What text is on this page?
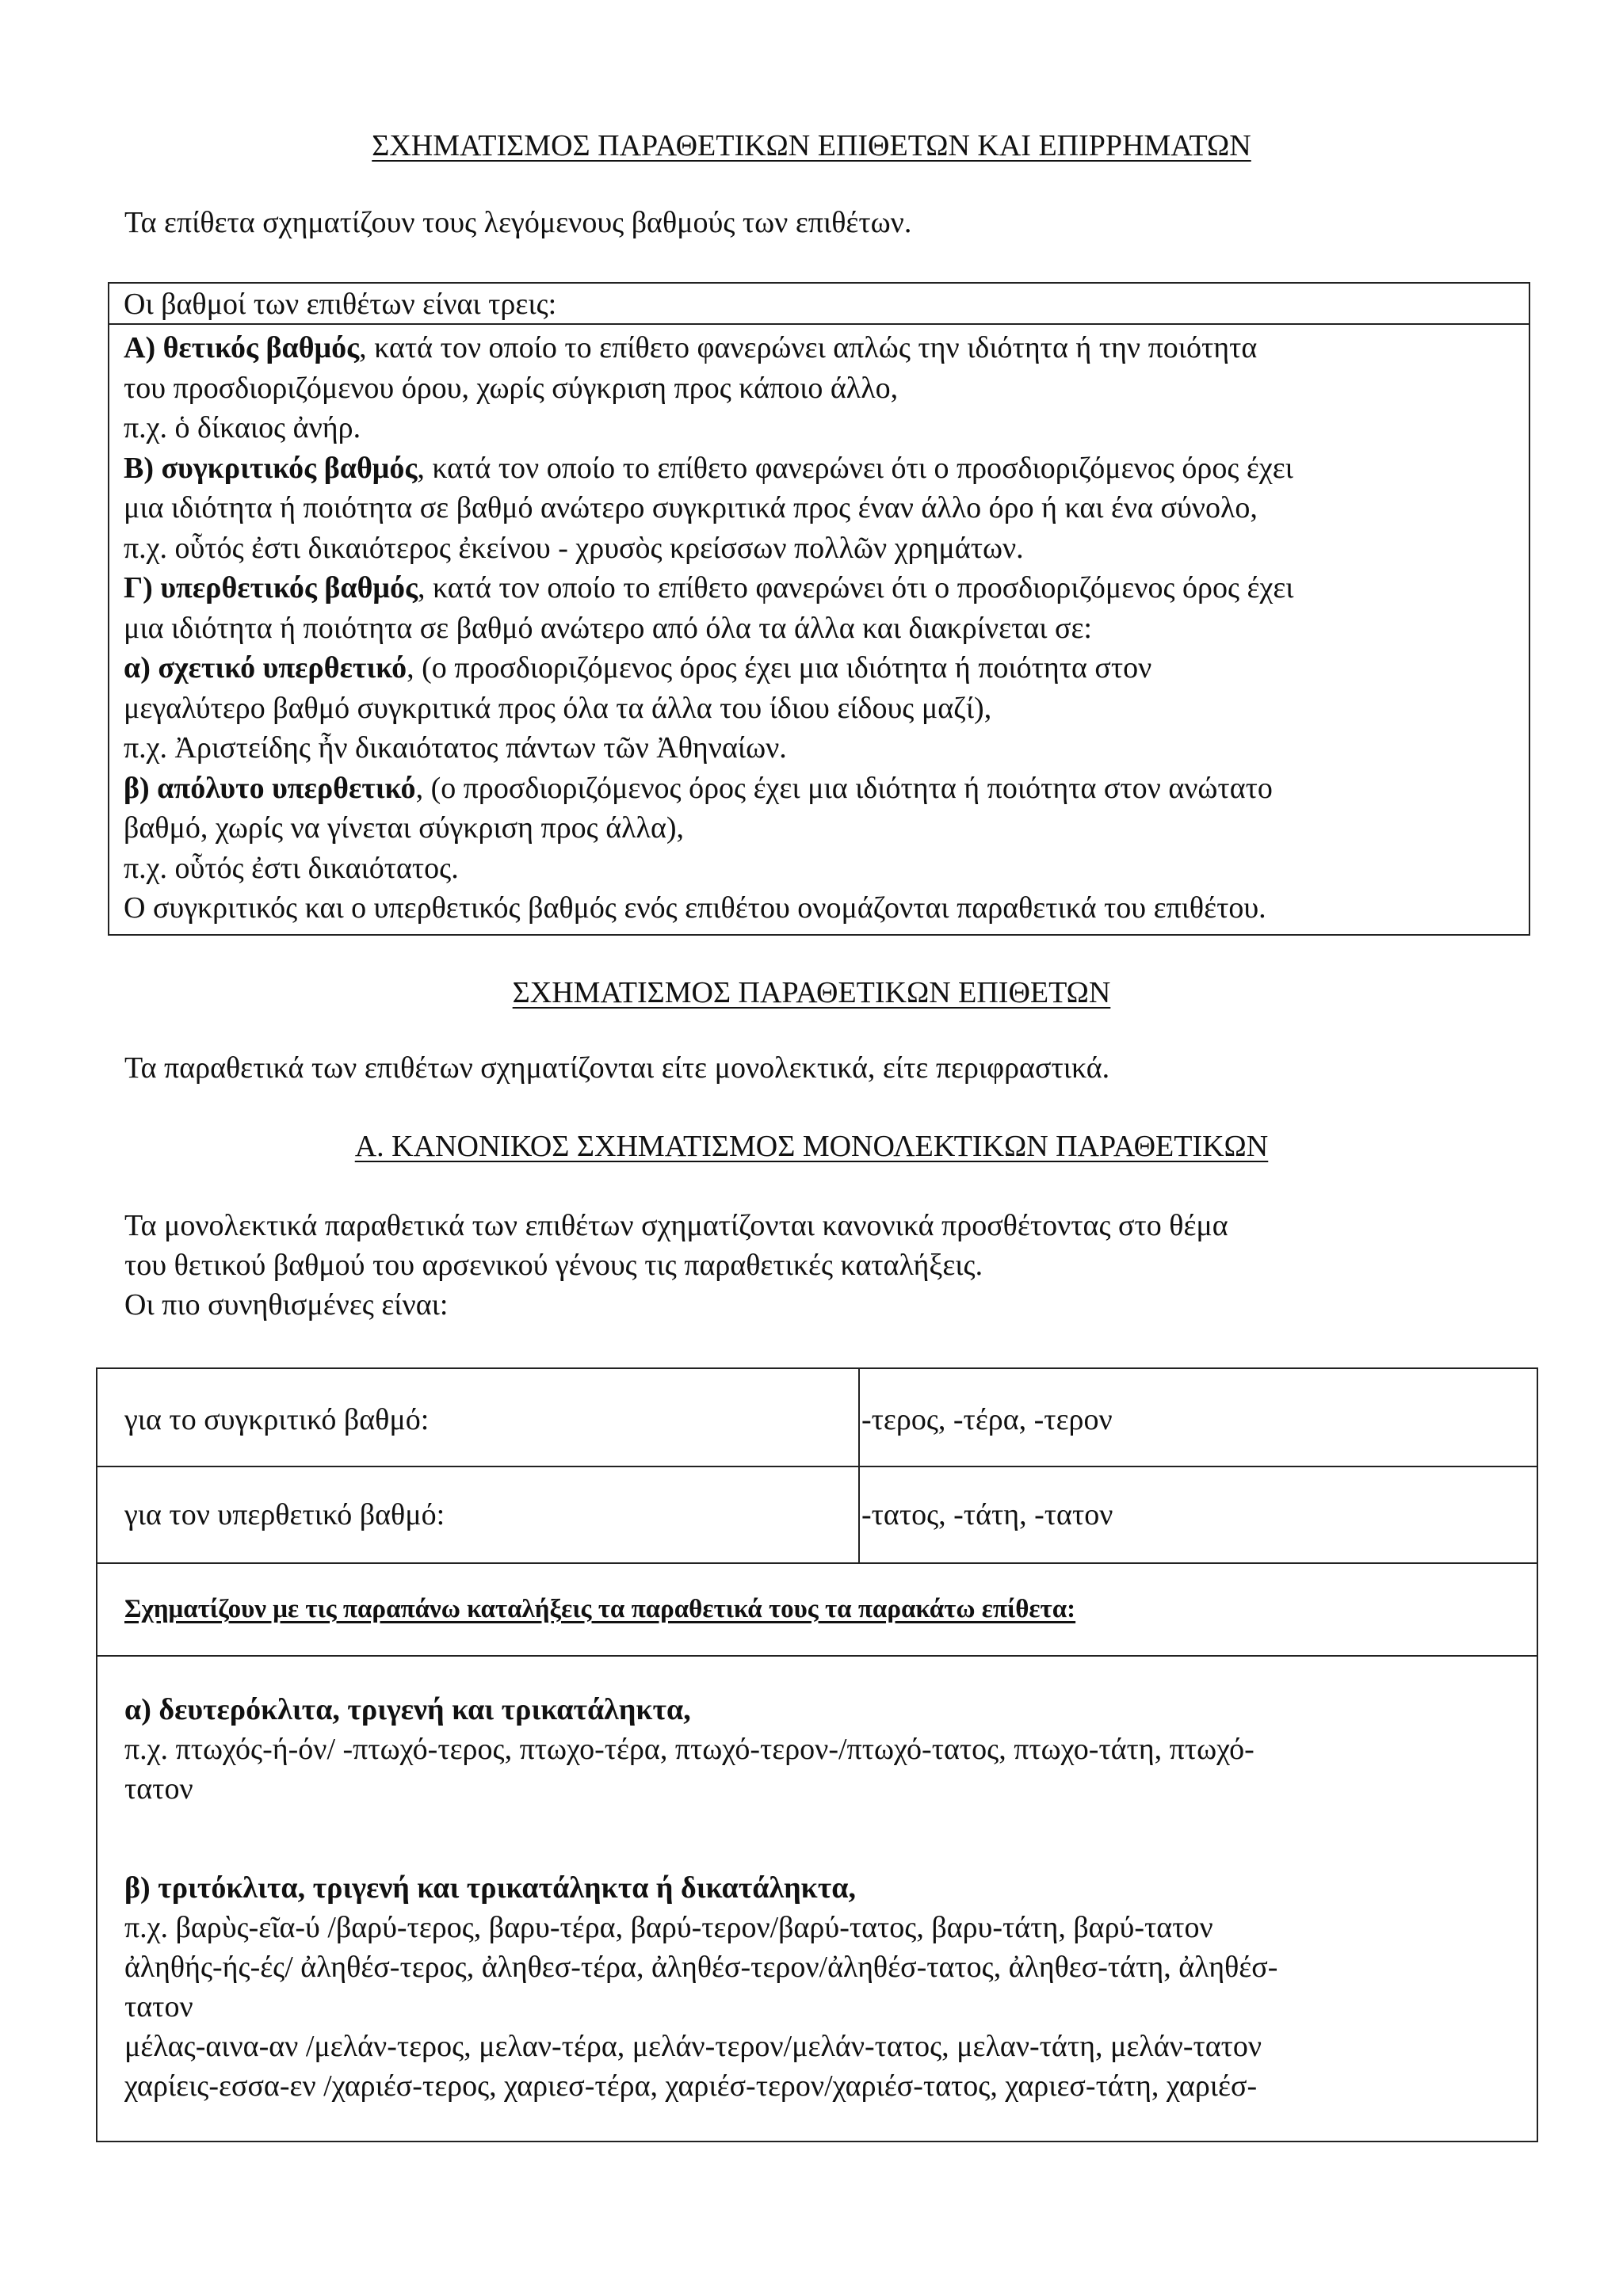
ΣΧΗΜΑΤΙΣΜΟΣ ΠΑΡΑΘΕΤΙΚΩΝ ΕΠΙΘΕΤΩΝ ΚΑΙ ΕΠΙΡΡΗΜΑΤΩΝ
Τα επίθετα σχηματίζουν τους λεγόμενους βαθμούς των επιθέτων.
Οι βαθμοί των επιθέτων είναι τρεις:
Α) θετικός βαθμός, κατά τον οποίο το επίθετο φανερώνει απλώς την ιδιότητα ή την ποιότητα
του προσδιοριζόμενου όρου, χωρίς σύγκριση προς κάποιο άλλο,
π.χ. ὁ δίκαιος ἀνήρ.
Β) συγκριτικός βαθμός, κατά τον οποίο το επίθετο φανερώνει ότι ο προσδιοριζόμενος όρος έχει
μια ιδιότητα ή ποιότητα σε βαθμό ανώτερο συγκριτικά προς έναν άλλο όρο ή και ένα σύνολο,
π.χ. οὗτός ἐστι δικαιότερος ἐκείνου - χρυσὸς κρείσσων πολλῶν χρημάτων.
Γ) υπερθετικός βαθμός, κατά τον οποίο το επίθετο φανερώνει ότι ο προσδιοριζόμενος όρος έχει
μια ιδιότητα ή ποιότητα σε βαθμό ανώτερο από όλα τα άλλα και διακρίνεται σε:
α) σχετικό υπερθετικό, (ο προσδιοριζόμενος όρος έχει μια ιδιότητα ή ποιότητα στον
μεγαλύτερο βαθμό συγκριτικά προς όλα τα άλλα του ίδιου είδους μαζί),
π.χ. Ἀριστείδης ἦν δικαιότατος πάντων τῶν Ἀθηναίων.
β) απόλυτο υπερθετικό, (ο προσδιοριζόμενος όρος έχει μια ιδιότητα ή ποιότητα στον ανώτατο
βαθμό, χωρίς να γίνεται σύγκριση προς άλλα),
π.χ. οὗτός ἐστι δικαιότατος.
Ο συγκριτικός και ο υπερθετικός βαθμός ενός επιθέτου ονομάζονται παραθετικά του επιθέτου.
ΣΧΗΜΑΤΙΣΜΟΣ ΠΑΡΑΘΕΤΙΚΩΝ ΕΠΙΘΕΤΩΝ
Τα παραθετικά των επιθέτων σχηματίζονται είτε μονολεκτικά, είτε περιφραστικά.
Α. ΚΑΝΟΝΙΚΟΣ ΣΧΗΜΑΤΙΣΜΟΣ ΜΟΝΟΛΕΚΤΙΚΩΝ ΠΑΡΑΘΕΤΙΚΩΝ
Τα μονολεκτικά παραθετικά των επιθέτων σχηματίζονται κανονικά προσθέτοντας στο θέμα
του θετικού βαθμού του αρσενικού γένους τις παραθετικές καταλήξεις.
Οι πιο συνηθισμένες είναι:
για το συγκριτικό βαθμό:	-τερος, -τέρα, -τερον
για τον υπερθετικό βαθμό:	-τατος, -τάτη, -τατον
Σχηματίζουν με τις παραπάνω καταλήξεις τα παραθετικά τους τα παρακάτω επίθετα:
α) δευτερόκλιτα, τριγενή και τρικατάληκτα,
π.χ. πτωχός-ή-όν/ -πτωχό-τερος, πτωχο-τέρα, πτωχό-τερον-/πτωχό-τατος, πτωχο-τάτη, πτωχό-
τατον
β) τριτόκλιτα, τριγενή και τρικατάληκτα ή δικατάληκτα,
π.χ. βαρὺς-εῖα-ύ /βαρύ-τερος, βαρυ-τέρα, βαρύ-τερον/βαρύ-τατος, βαρυ-τάτη, βαρύ-τατον
ἀληθής-ής-ές/ ἀληθέσ-τερος, ἀληθεσ-τέρα, ἀληθέσ-τερον/ἀληθέσ-τατος, ἀληθεσ-τάτη, ἀληθέσ-
τατον
μέλας-αινα-αν /μελάν-τερος, μελαν-τέρα, μελάν-τερον/μελάν-τατος, μελαν-τάτη, μελάν-τατον
χαρίεις-εσσα-εν /χαριέσ-τερος, χαριεσ-τέρα, χαριέσ-τερον/χαριέσ-τατος, χαριεσ-τάτη, χαριέσ-
